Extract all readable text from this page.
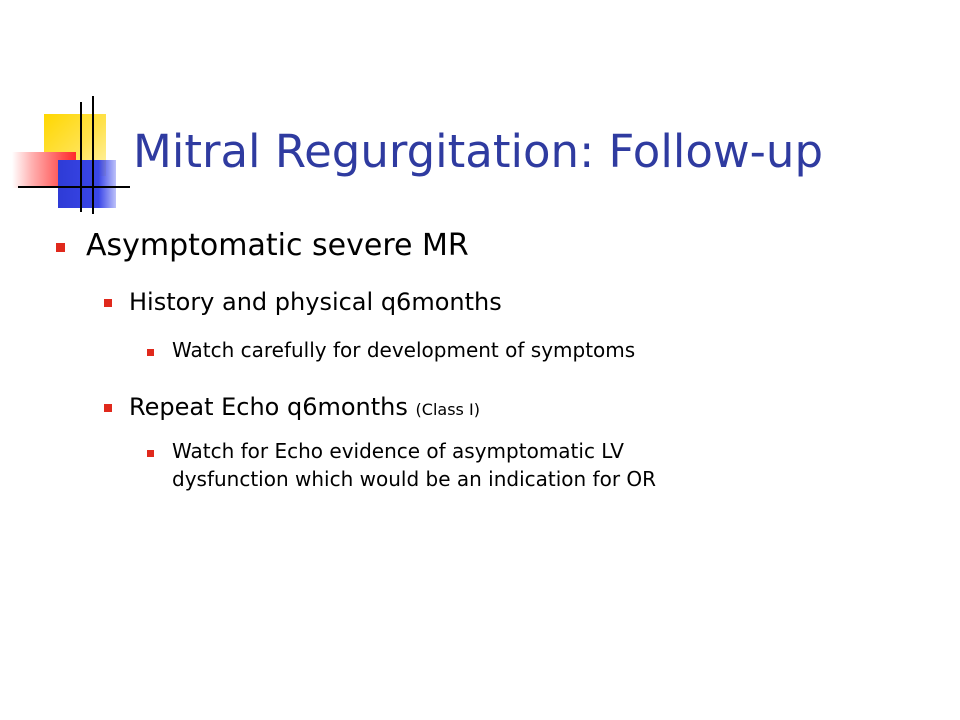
Mitral Regurgitation: Follow-up
Asymptomatic severe MR
History and physical q6months
Watch carefully for development of symptoms
Repeat Echo q6months (Class I)
Watch for Echo evidence of asymptomatic LV
dysfunction which would be an indication for OR
